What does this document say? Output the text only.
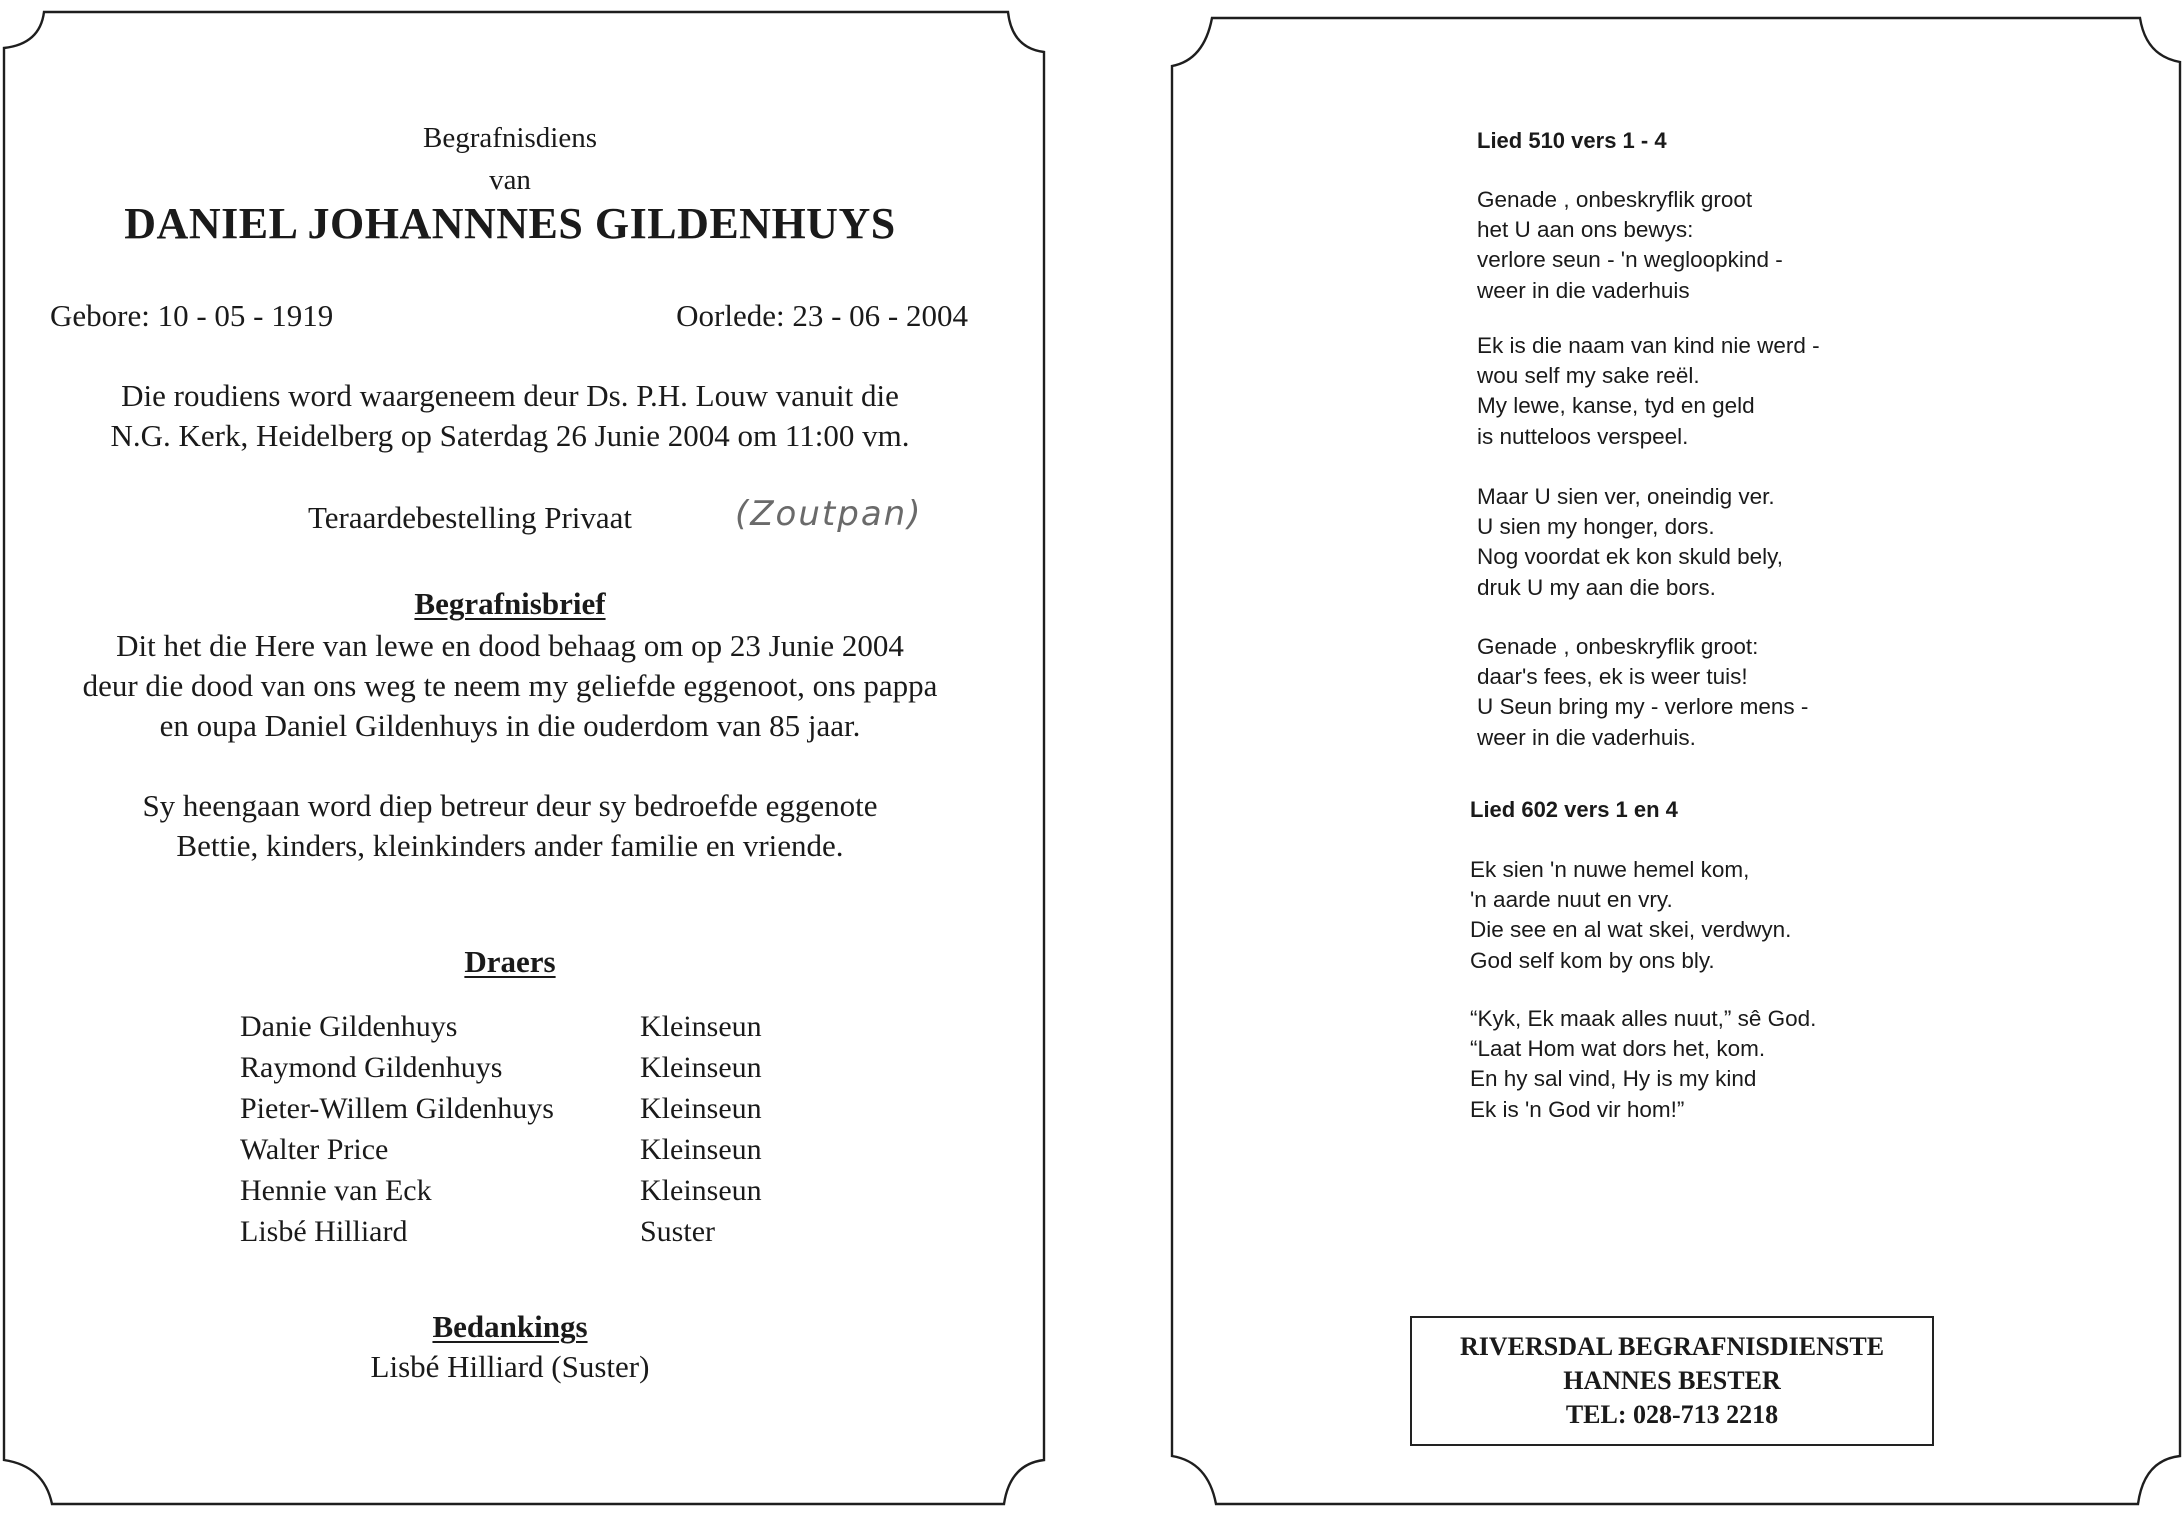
Begrafnisdiens
van
DANIEL JOHANNNES GILDENHUYS
Gebore: 10 - 05 - 1919	Oorlede: 23 - 06 - 2004
Die roudiens word waargeneem deur Ds. P.H. Louw vanuit die
N.G. Kerk, Heidelberg op Saterdag 26 Junie 2004 om 11:00 vm.
Teraardebestelling Privaat	(Zoutpan)
Begrafnisbrief
Dit het die Here van lewe en dood behaag om op 23 Junie 2004
deur die dood van ons weg te neem my geliefde eggenoot, ons pappa
en oupa Daniel Gildenhuys in die ouderdom van 85 jaar.
Sy heengaan word diep betreur deur sy bedroefde eggenote
Bettie, kinders, kleinkinders ander familie en vriende.
Draers
Danie Gildenhuys	Kleinseun
Raymond Gildenhuys	Kleinseun
Pieter-Willem Gildenhuys	Kleinseun
Walter Price	Kleinseun
Hennie van Eck	Kleinseun
Lisbé Hilliard	Suster
Bedankings
Lisbé Hilliard (Suster)
Lied 510 vers 1 - 4
Genade , onbeskryflik groot
het U aan ons bewys:
verlore seun - 'n wegloopkind -
weer in die vaderhuis
Ek is die naam van kind nie werd -
wou self my sake reël.
My lewe, kanse, tyd en geld
is nutteloos verspeel.
Maar U sien ver, oneindig ver.
U sien my honger, dors.
Nog voordat ek kon skuld bely,
druk U my aan die bors.
Genade , onbeskryflik groot:
daar's fees, ek is weer tuis!
U Seun bring my - verlore mens -
weer in die vaderhuis.
Lied 602 vers 1 en 4
Ek sien 'n nuwe hemel kom,
'n aarde nuut en vry.
Die see en al wat skei, verdwyn.
God self kom by ons bly.
“Kyk, Ek maak alles nuut,” sê God.
“Laat Hom wat dors het, kom.
En hy sal vind, Hy is my kind
Ek is 'n God vir hom!”
RIVERSDAL BEGRAFNISDIENSTE
HANNES BESTER
TEL: 028-713 2218
